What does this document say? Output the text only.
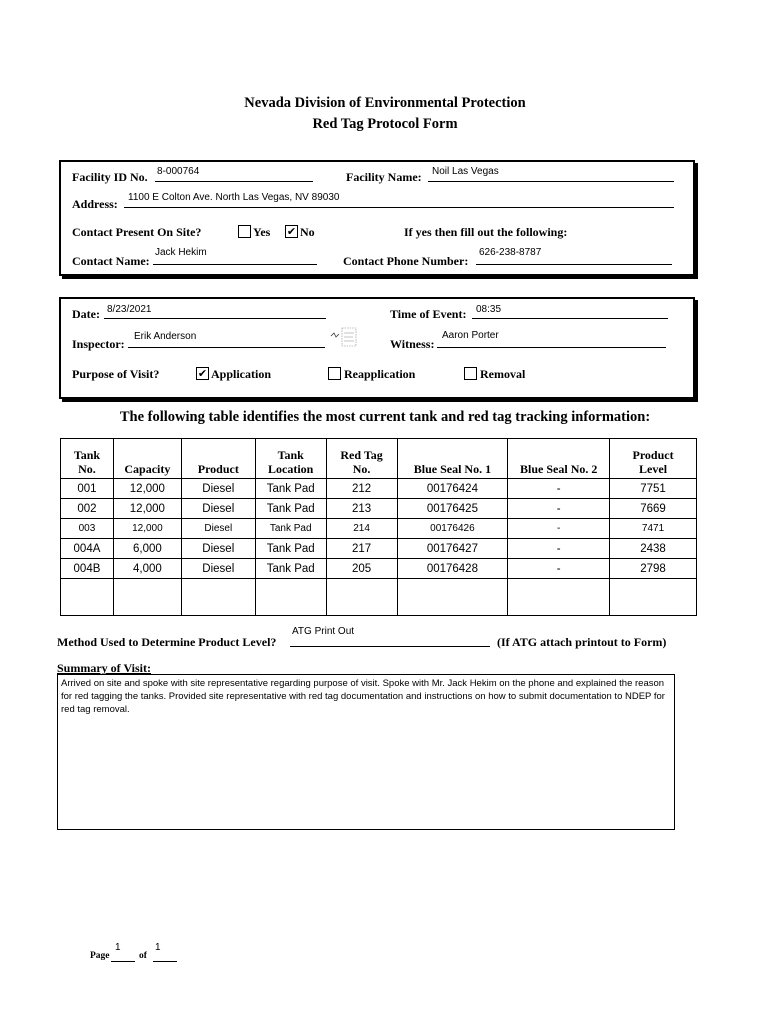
Nevada Division of Environmental Protection
Red Tag Protocol Form
Facility ID No. 8-000764	Facility Name: Noil Las Vegas
Address: 1100 E Colton Ave. North Las Vegas, NV 89030
Contact Present On Site?	Yes ✔ No	If yes then fill out the following:
Contact Name:
Jack Hekim
Contact Phone Number:
626-238-8787
Date: 8/23/2021	Time of Event: 08:35
Inspector:
Erik Anderson
Witness:
Aaron Porter
Purpose of Visit?	✔ Application	Reapplication	Removal
The following table identifies the most current tank and red tag tracking information:
Tank
No.	Capacity	Product	Tank
Location	Red Tag
No.	Blue Seal No. 1	Blue Seal No. 2	Product
Level
001	12,000	Diesel	Tank Pad	212	00176424	-	7751
002	12,000	Diesel	Tank Pad	213	00176425	-	7669
003	12,000	Diesel	Tank Pad	214	00176426	-	7471
004A	6,000	Diesel	Tank Pad	217	00176427	-	2438
004B	4,000	Diesel	Tank Pad	205	00176428	-	2798

Method Used to Determine Product Level?
ATG Print Out
(If ATG attach printout to Form)
Summary of Visit:
Arrived on site and spoke with site representative regarding purpose of visit. Spoke with Mr. Jack Hekim on the phone and explained the reason for red tagging the tanks. Provided site representative with red tag documentation and instructions on how to submit documentation to NDEP for red tag removal.
Page
1
of
1
